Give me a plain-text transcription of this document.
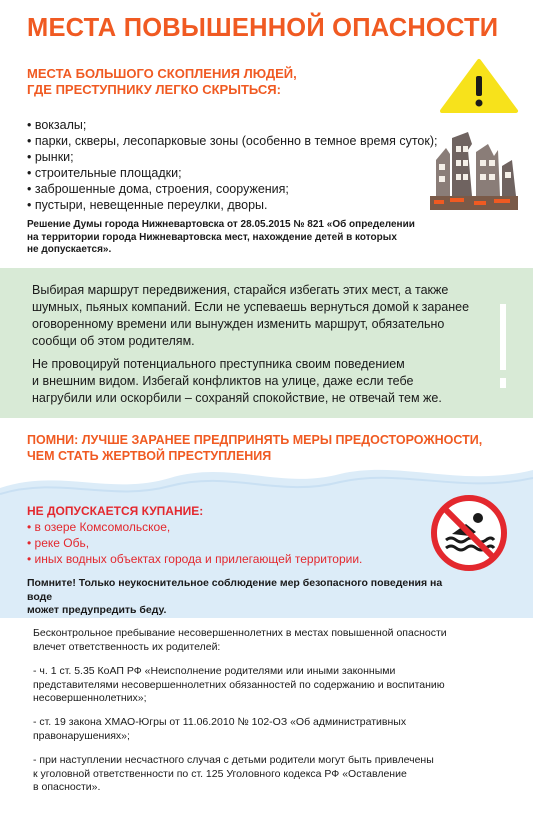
МЕСТА ПОВЫШЕННОЙ ОПАСНОСТИ
МЕСТА БОЛЬШОГО СКОПЛЕНИЯ ЛЮДЕЙ,
ГДЕ ПРЕСТУПНИКУ ЛЕГКО СКРЫТЬСЯ:
• вокзалы;
• парки, скверы, лесопарковые зоны (особенно в темное время суток);
• рынки;
• строительные площадки;
• заброшенные дома, строения, сооружения;
• пустыри, невещенные переулки, дворы.
Решение Думы города Нижневартовска от 28.05.2015 № 821 «Об определении
на территории города Нижневартовска мест, нахождение детей в которых
не допускается».
Выбирая маршрут передвижения, старайся избегать этих мест, а также
шумных, пьяных компаний. Если не успеваешь вернуться домой к заранее
оговоренному времени или вынужден изменить маршрут, обязательно
сообщи об этом родителям.
Не провоцируй потенциального преступника своим поведением
и внешним видом. Избегай конфликтов на улице, даже если тебе
нагрубили или оскорбили – сохраняй спокойствие, не отвечай тем же.
ПОМНИ: ЛУЧШЕ ЗАРАНЕЕ ПРЕДПРИНЯТЬ МЕРЫ ПРЕДОСТОРОЖНОСТИ,
ЧЕМ СТАТЬ ЖЕРТВОЙ ПРЕСТУПЛЕНИЯ
НЕ ДОПУСКАЕТСЯ КУПАНИЕ:
• в озере Комсомольское,
• реке Обь,
• иных водных объектах города и прилегающей территории.
Помните! Только неукоснительное соблюдение мер безопасного поведения на воде
может предупредить беду.
Бесконтрольное пребывание несовершеннолетних в местах повышенной опасности
влечет ответственность их родителей:
- ч. 1 ст. 5.35 КоАП РФ «Неисполнение родителями или иными законными
представителями несовершеннолетних обязанностей по содержанию и воспитанию
несовершеннолетних»;
- ст. 19 закона ХМАО-Югры от 11.06.2010 № 102-ОЗ «Об административных
правонарушениях»;
- при наступлении несчастного случая с детьми родители могут быть привлечены
к уголовной ответственности по ст. 125 Уголовного кодекса РФ «Оставление
в опасности».
